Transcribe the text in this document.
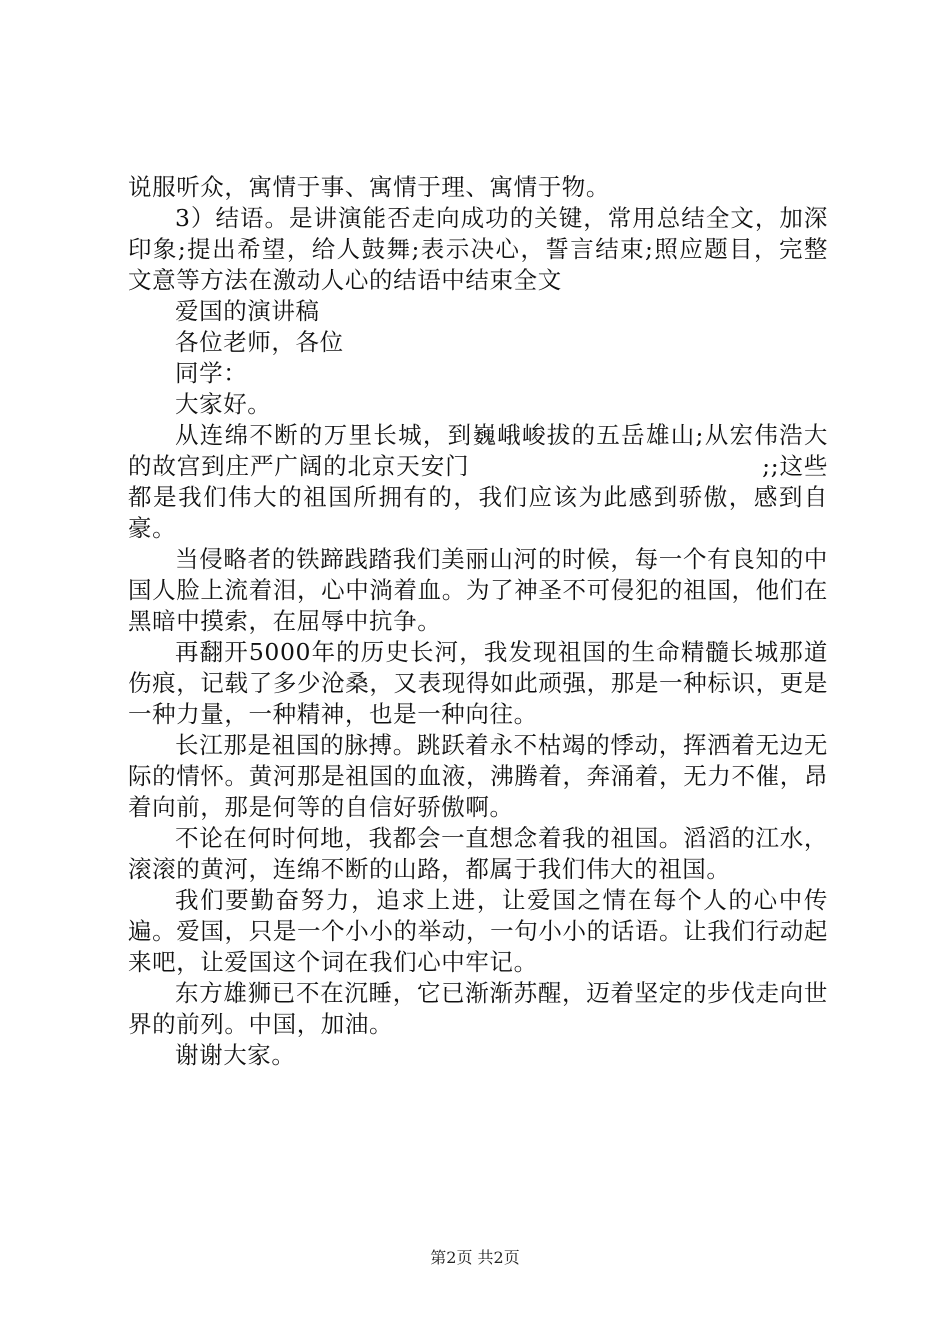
说服听众，寓情于事、寓情于理、寓情于物。

3）结语。是讲演能否走向成功的关键，常用总结全文，加深印象;提出希望，给人鼓舞;表示决心，誓言结束;照应题目，完整文意等方法在激动人心的结语中结束全文

爱国的演讲稿

各位老师，各位

同学：

大家好。

从连绵不断的万里长城，到巍峨峻拔的五岳雄山;从宏伟浩大的故宫到庄严广阔的北京天安门　　　　　　　　　　　　;;这些都是我们伟大的祖国所拥有的，我们应该为此感到骄傲，感到自豪。

当侵略者的铁蹄践踏我们美丽山河的时候，每一个有良知的中国人脸上流着泪，心中淌着血。为了神圣不可侵犯的祖国，他们在黑暗中摸索，在屈辱中抗争。

再翻开5000年的历史长河，我发现祖国的生命精髓长城那道伤痕，记载了多少沧桑，又表现得如此顽强，那是一种标识，更是一种力量，一种精神，也是一种向往。

长江那是祖国的脉搏。跳跃着永不枯竭的悸动，挥洒着无边无际的情怀。黄河那是祖国的血液，沸腾着，奔涌着，无力不催，昂着向前，那是何等的自信好骄傲啊。

不论在何时何地，我都会一直想念着我的祖国。滔滔的江水，滚滚的黄河，连绵不断的山路，都属于我们伟大的祖国。

我们要勤奋努力，追求上进，让爱国之情在每个人的心中传遍。爱国，只是一个小小的举动，一句小小的话语。让我们行动起来吧，让爱国这个词在我们心中牢记。

东方雄狮已不在沉睡，它已渐渐苏醒，迈着坚定的步伐走向世界的前列。中国，加油。

谢谢大家。

第2页 共2页
